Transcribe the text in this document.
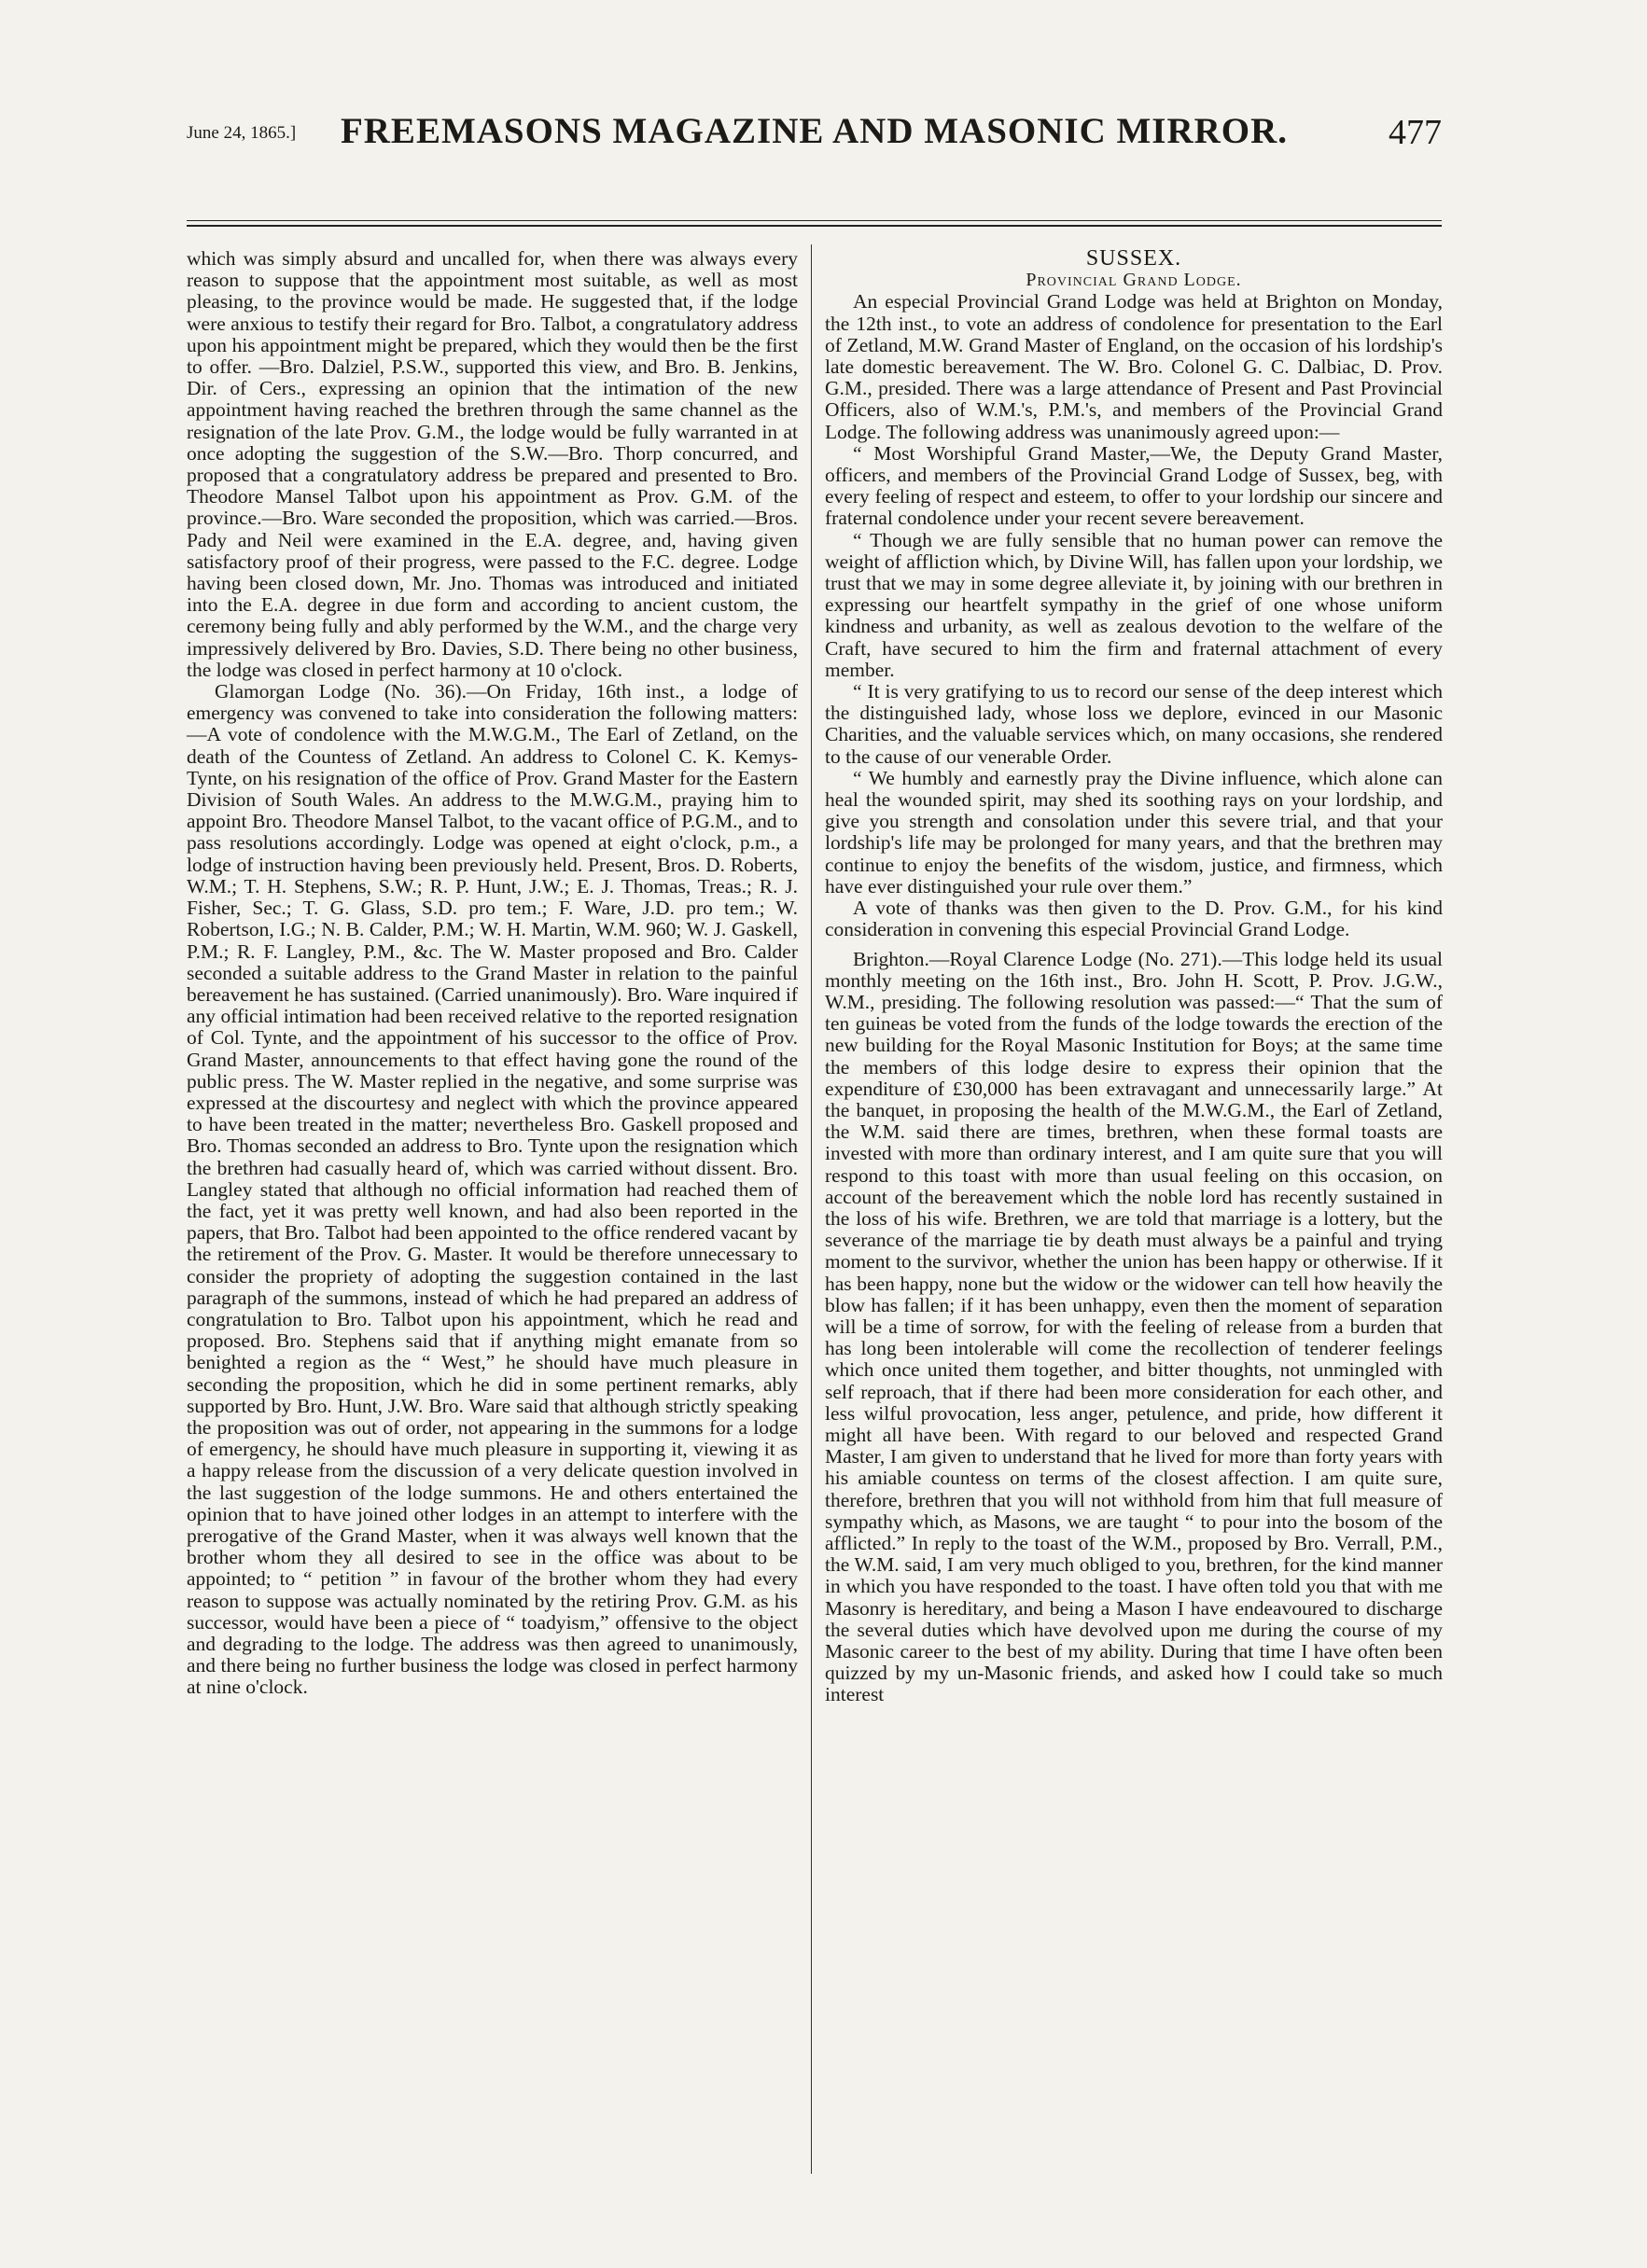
June 24, 1865.]	FREEMASONS MAGAZINE AND MASONIC MIRROR.	477

which was simply absurd and uncalled for, when there was always every reason to suppose that the appointment most suitable, as well as most pleasing, to the province would be made. He suggested that, if the lodge were anxious to testify their regard for Bro. Talbot, a congratulatory address upon his appointment might be prepared, which they would then be the first to offer. —Bro. Dalziel, P.S.W., supported this view, and Bro. B. Jenkins, Dir. of Cers., expressing an opinion that the intimation of the new appointment having reached the brethren through the same channel as the resignation of the late Prov. G.M., the lodge would be fully warranted in at once adopting the suggestion of the S.W.—Bro. Thorp concurred, and proposed that a congratulatory address be prepared and presented to Bro. Theodore Mansel Talbot upon his appointment as Prov. G.M. of the province.—Bro. Ware seconded the proposition, which was carried.—Bros. Pady and Neil were examined in the E.A. degree, and, having given satisfactory proof of their progress, were passed to the F.C. degree. Lodge having been closed down, Mr. Jno. Thomas was introduced and initiated into the E.A. degree in due form and according to ancient custom, the ceremony being fully and ably performed by the W.M., and the charge very impressively delivered by Bro. Davies, S.D. There being no other business, the lodge was closed in perfect harmony at 10 o'clock.

Glamorgan Lodge (No. 36).—On Friday, 16th inst., a lodge of emergency was convened to take into consideration the following matters:—A vote of condolence with the M.W.G.M., The Earl of Zetland, on the death of the Countess of Zetland. An address to Colonel C. K. Kemys-Tynte, on his resignation of the office of Prov. Grand Master for the Eastern Division of South Wales. An address to the M.W.G.M., praying him to appoint Bro. Theodore Mansel Talbot, to the vacant office of P.G.M., and to pass resolutions accordingly. Lodge was opened at eight o'clock, p.m., a lodge of instruction having been previously held. Present, Bros. D. Roberts, W.M.; T. H. Stephens, S.W.; R. P. Hunt, J.W.; E. J. Thomas, Treas.; R. J. Fisher, Sec.; T. G. Glass, S.D. pro tem.; F. Ware, J.D. pro tem.; W. Robertson, I.G.; N. B. Calder, P.M.; W. H. Martin, W.M. 960; W. J. Gaskell, P.M.; R. F. Langley, P.M., &c. The W. Master proposed and Bro. Calder seconded a suitable address to the Grand Master in relation to the painful bereavement he has sustained. (Carried unanimously). Bro. Ware inquired if any official intimation had been received relative to the reported resignation of Col. Tynte, and the appointment of his successor to the office of Prov. Grand Master, announcements to that effect having gone the round of the public press. The W. Master replied in the negative, and some surprise was expressed at the discourtesy and neglect with which the province appeared to have been treated in the matter; nevertheless Bro. Gaskell proposed and Bro. Thomas seconded an address to Bro. Tynte upon the resignation which the brethren had casually heard of, which was carried without dissent. Bro. Langley stated that although no official information had reached them of the fact, yet it was pretty well known, and had also been reported in the papers, that Bro. Talbot had been appointed to the office rendered vacant by the retirement of the Prov. G. Master. It would be therefore unnecessary to consider the propriety of adopting the suggestion contained in the last paragraph of the summons, instead of which he had prepared an address of congratulation to Bro. Talbot upon his appointment, which he read and proposed. Bro. Stephens said that if anything might emanate from so benighted a region as the “ West,” he should have much pleasure in seconding the proposition, which he did in some pertinent remarks, ably supported by Bro. Hunt, J.W. Bro. Ware said that although strictly speaking the proposition was out of order, not appearing in the summons for a lodge of emergency, he should have much pleasure in supporting it, viewing it as a happy release from the discussion of a very delicate question involved in the last suggestion of the lodge summons. He and others entertained the opinion that to have joined other lodges in an attempt to interfere with the prerogative of the Grand Master, when it was always well known that the brother whom they all desired to see in the office was about to be appointed; to “ petition ” in favour of the brother whom they had every reason to suppose was actually nominated by the retiring Prov. G.M. as his successor, would have been a piece of “ toadyism,” offensive to the object and degrading to the lodge. The address was then agreed to unanimously, and there being no further business the lodge was closed in perfect harmony at nine o'clock.

SUSSEX.

Provincial Grand Lodge.

An especial Provincial Grand Lodge was held at Brighton on Monday, the 12th inst., to vote an address of condolence for presentation to the Earl of Zetland, M.W. Grand Master of England, on the occasion of his lordship's late domestic bereavement. The W. Bro. Colonel G. C. Dalbiac, D. Prov. G.M., presided. There was a large attendance of Present and Past Provincial Officers, also of W.M.'s, P.M.'s, and members of the Provincial Grand Lodge. The following address was unanimously agreed upon:—

“ Most Worshipful Grand Master,—We, the Deputy Grand Master, officers, and members of the Provincial Grand Lodge of Sussex, beg, with every feeling of respect and esteem, to offer to your lordship our sincere and fraternal condolence under your recent severe bereavement.

“ Though we are fully sensible that no human power can remove the weight of affliction which, by Divine Will, has fallen upon your lordship, we trust that we may in some degree alleviate it, by joining with our brethren in expressing our heartfelt sympathy in the grief of one whose uniform kindness and urbanity, as well as zealous devotion to the welfare of the Craft, have secured to him the firm and fraternal attachment of every member.

“ It is very gratifying to us to record our sense of the deep interest which the distinguished lady, whose loss we deplore, evinced in our Masonic Charities, and the valuable services which, on many occasions, she rendered to the cause of our venerable Order.

“ We humbly and earnestly pray the Divine influence, which alone can heal the wounded spirit, may shed its soothing rays on your lordship, and give you strength and consolation under this severe trial, and that your lordship's life may be prolonged for many years, and that the brethren may continue to enjoy the benefits of the wisdom, justice, and firmness, which have ever distinguished your rule over them.”

A vote of thanks was then given to the D. Prov. G.M., for his kind consideration in convening this especial Provincial Grand Lodge.

Brighton.—Royal Clarence Lodge (No. 271).—This lodge held its usual monthly meeting on the 16th inst., Bro. John H. Scott, P. Prov. J.G.W., W.M., presiding. The following resolution was passed:—“ That the sum of ten guineas be voted from the funds of the lodge towards the erection of the new building for the Royal Masonic Institution for Boys; at the same time the members of this lodge desire to express their opinion that the expenditure of £30,000 has been extravagant and unnecessarily large.” At the banquet, in proposing the health of the M.W.G.M., the Earl of Zetland, the W.M. said there are times, brethren, when these formal toasts are invested with more than ordinary interest, and I am quite sure that you will respond to this toast with more than usual feeling on this occasion, on account of the bereavement which the noble lord has recently sustained in the loss of his wife. Brethren, we are told that marriage is a lottery, but the severance of the marriage tie by death must always be a painful and trying moment to the survivor, whether the union has been happy or otherwise. If it has been happy, none but the widow or the widower can tell how heavily the blow has fallen; if it has been unhappy, even then the moment of separation will be a time of sorrow, for with the feeling of release from a burden that has long been intolerable will come the recollection of tenderer feelings which once united them together, and bitter thoughts, not unmingled with self reproach, that if there had been more consideration for each other, and less wilful provocation, less anger, petulence, and pride, how different it might all have been. With regard to our beloved and respected Grand Master, I am given to understand that he lived for more than forty years with his amiable countess on terms of the closest affection. I am quite sure, therefore, brethren that you will not withhold from him that full measure of sympathy which, as Masons, we are taught “ to pour into the bosom of the afflicted.” In reply to the toast of the W.M., proposed by Bro. Verrall, P.M., the W.M. said, I am very much obliged to you, brethren, for the kind manner in which you have responded to the toast. I have often told you that with me Masonry is hereditary, and being a Mason I have endeavoured to discharge the several duties which have devolved upon me during the course of my Masonic career to the best of my ability. During that time I have often been quizzed by my un-Masonic friends, and asked how I could take so much interest
